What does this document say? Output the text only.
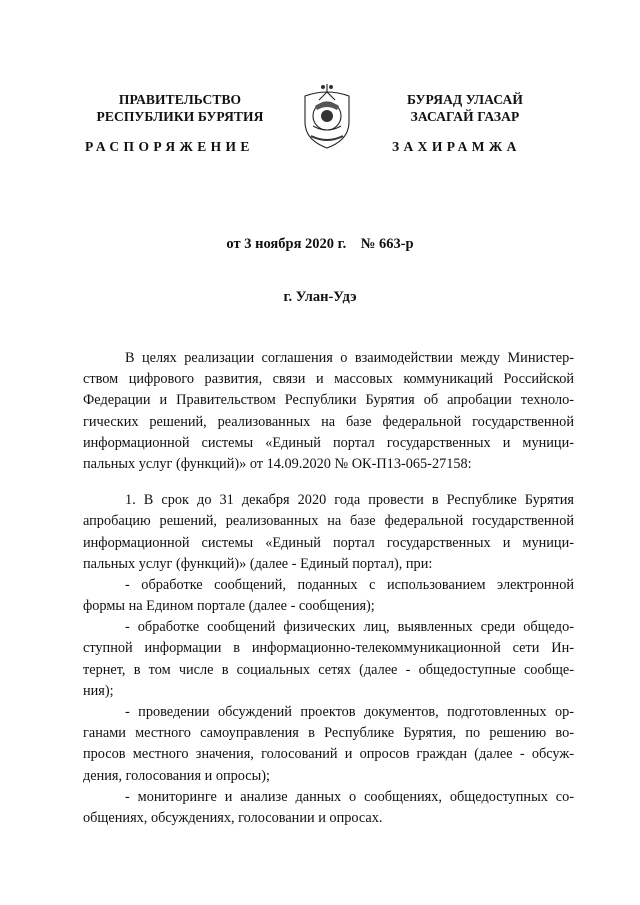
ПРАВИТЕЛЬСТВО
РЕСПУБЛИКИ БУРЯТИЯ
БУРЯАД УЛАСАЙ
ЗАСАГАЙ ГАЗАР
РАСПОРЯЖЕНИЕ	ЗАХИРАМЖА
от 3 ноября 2020 г.    № 663-р
г. Улан-Удэ
В целях реализации соглашения о взаимодействии между Министер-
ством цифрового развития, связи и массовых коммуникаций Российской
Федерации и Правительством Республики Бурятия об апробации техноло-
гических решений, реализованных на базе федеральной государственной
информационной системы «Единый портал государственных и муници-
пальных услуг (функций)» от 14.09.2020 № ОК-П13-065-27158:
1. В срок до 31 декабря 2020 года провести в Республике Бурятия
апробацию решений, реализованных на базе федеральной государственной
информационной системы «Единый портал государственных и муници-
пальных услуг (функций)» (далее - Единый портал), при:
- обработке сообщений, поданных с использованием электронной
формы на Едином портале (далее - сообщения);
- обработке сообщений физических лиц, выявленных среди общедо-
ступной информации в информационно-телекоммуникационной сети Ин-
тернет, в том числе в социальных сетях (далее - общедоступные сообще-
ния);
- проведении обсуждений проектов документов, подготовленных ор-
ганами местного самоуправления в Республике Бурятия, по решению во-
просов местного значения, голосований и опросов граждан (далее - обсуж-
дения, голосования и опросы);
- мониторинге и анализе данных о сообщениях, общедоступных со-
общениях, обсуждениях, голосовании и опросах.
